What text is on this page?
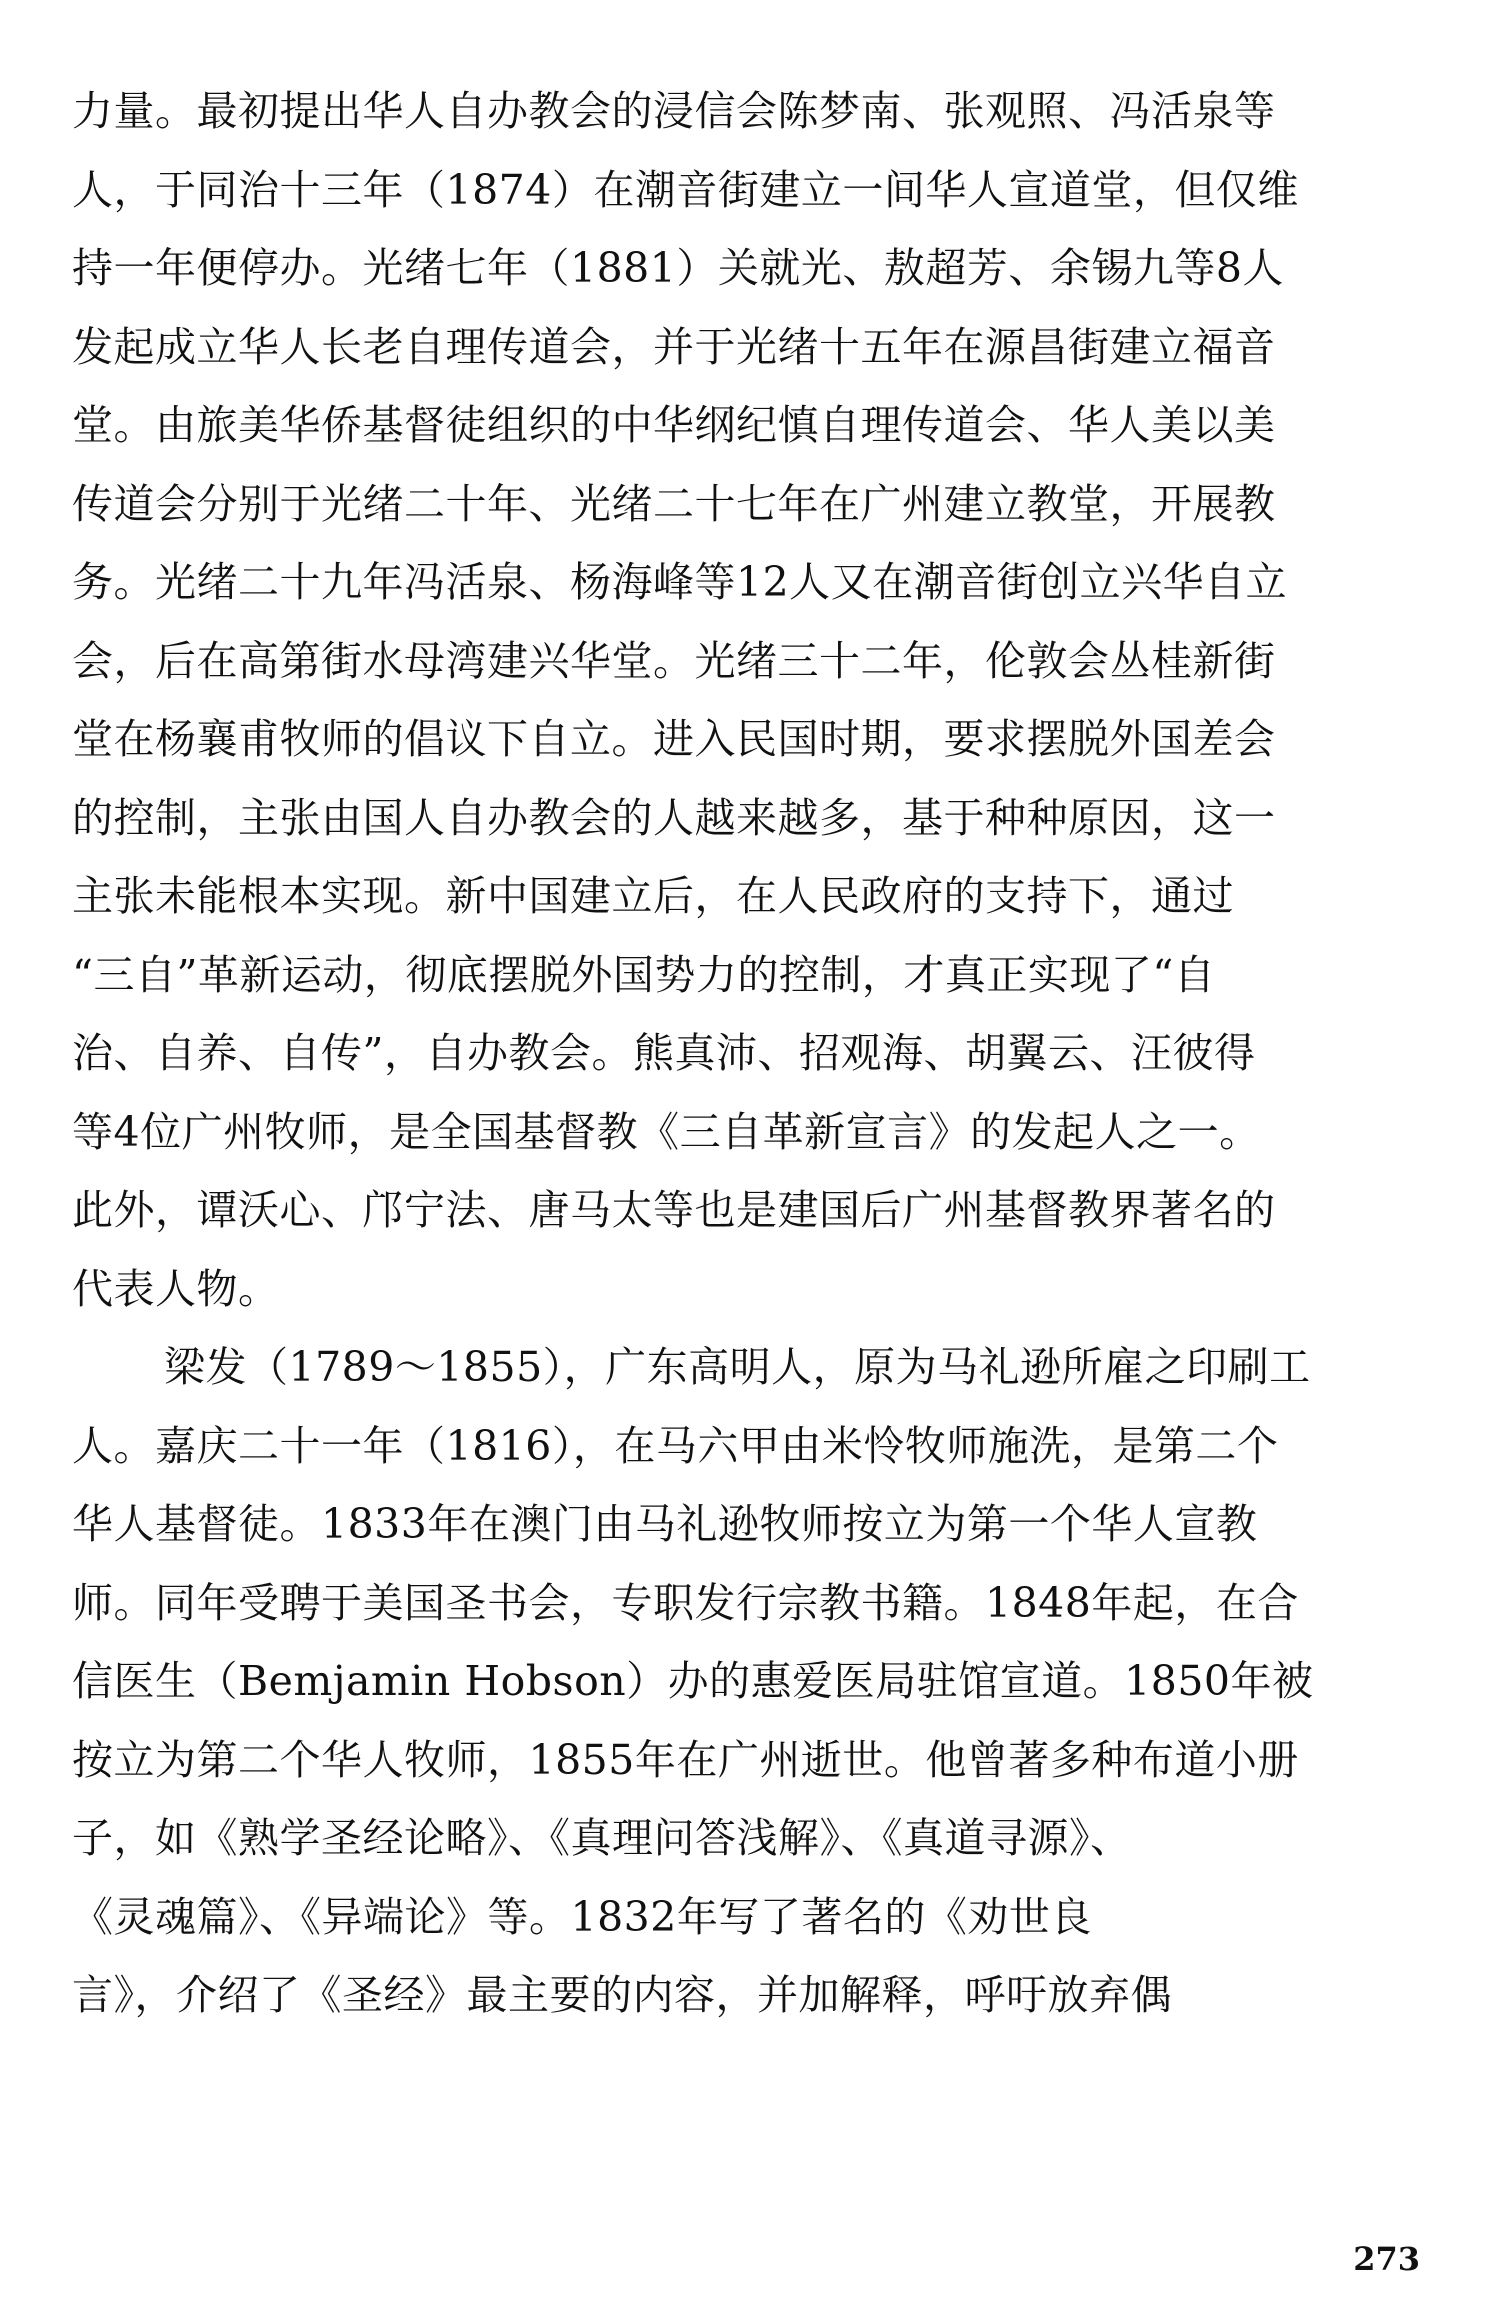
力量。最初提出华人自办教会的浸信会陈梦南、张观照、冯活泉等
人，于同治十三年（1874）在潮音街建立一间华人宣道堂，但仅维
持一年便停办。光绪七年（1881）关就光、敖超芳、余锡九等8人
发起成立华人长老自理传道会，并于光绪十五年在源昌街建立福音
堂。由旅美华侨基督徒组织的中华纲纪慎自理传道会、华人美以美
传道会分别于光绪二十年、光绪二十七年在广州建立教堂，开展教
务。光绪二十九年冯活泉、杨海峰等12人又在潮音街创立兴华自立
会，后在高第街水母湾建兴华堂。光绪三十二年，伦敦会丛桂新街
堂在杨襄甫牧师的倡议下自立。进入民国时期，要求摆脱外国差会
的控制，主张由国人自办教会的人越来越多，基于种种原因，这一
主张未能根本实现。新中国建立后，在人民政府的支持下，通过
“三自”革新运动，彻底摆脱外国势力的控制，才真正实现了“自
治、自养、自传”，自办教会。熊真沛、招观海、胡翼云、汪彼得
等4位广州牧师，是全国基督教《三自革新宣言》的发起人之一。
此外，谭沃心、邝宁法、唐马太等也是建国后广州基督教界著名的
代表人物。
梁发（1789～1855），广东高明人，原为马礼逊所雇之印刷工
人。嘉庆二十一年（1816），在马六甲由米怜牧师施洗，是第二个
华人基督徒。1833年在澳门由马礼逊牧师按立为第一个华人宣教
师。同年受聘于美国圣书会，专职发行宗教书籍。1848年起，在合
信医生（Bemjamin Hobson）办的惠爱医局驻馆宣道。1850年被
按立为第二个华人牧师，1855年在广州逝世。他曾著多种布道小册
子，如《熟学圣经论略》、《真理问答浅解》、《真道寻源》、
《灵魂篇》、《异端论》等。1832年写了著名的《劝世良
言》，介绍了《圣经》最主要的内容，并加解释，呼吁放弃偶
273
